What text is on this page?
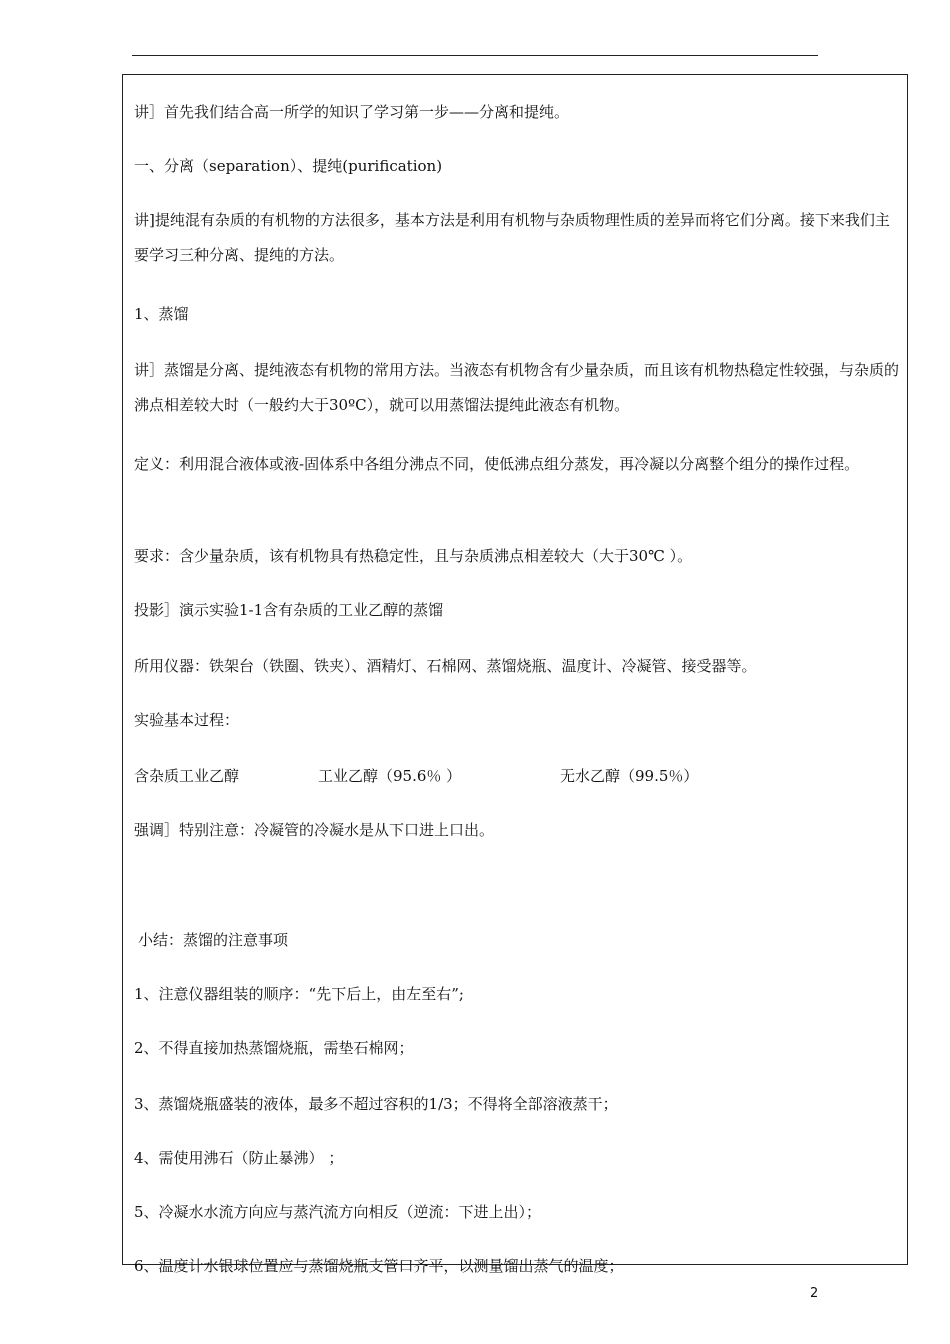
讲］首先我们结合高一所学的知识了学习第一步——分离和提纯。

一、分离（separation）、提纯(purification)

讲]提纯混有杂质的有机物的方法很多，基本方法是利用有机物与杂质物理性质的差异而将它们分离。接下来我们主要学习三种分离、提纯的方法。

1、蒸馏

讲］蒸馏是分离、提纯液态有机物的常用方法。当液态有机物含有少量杂质，而且该有机物热稳定性较强，与杂质的沸点相差较大时（一般约大于30ºC），就可以用蒸馏法提纯此液态有机物。

定义：利用混合液体或液-固体系中各组分沸点不同，使低沸点组分蒸发，再冷凝以分离整个组分的操作过程。

要求：含少量杂质，该有机物具有热稳定性，且与杂质沸点相差较大（大于30℃ ）。

投影］演示实验1-1含有杂质的工业乙醇的蒸馏

所用仪器：铁架台（铁圈、铁夹）、酒精灯、石棉网、蒸馏烧瓶、温度计、冷凝管、接受器等。

实验基本过程：

含杂质工业乙醇	工业乙醇（95.6％ ）	无水乙醇（99.5％）

强调］特别注意：冷凝管的冷凝水是从下口进上口出。

小结：蒸馏的注意事项

1、注意仪器组装的顺序：“先下后上，由左至右”;

2、不得直接加热蒸馏烧瓶，需垫石棉网；

3、蒸馏烧瓶盛装的液体，最多不超过容积的1/3；不得将全部溶液蒸干；

4、需使用沸石（防止暴沸） ；

5、冷凝水水流方向应与蒸汽流方向相反（逆流：下进上出）；

6、温度计水银球位置应与蒸馏烧瓶支管口齐平，以测量馏出蒸气的温度；

2
